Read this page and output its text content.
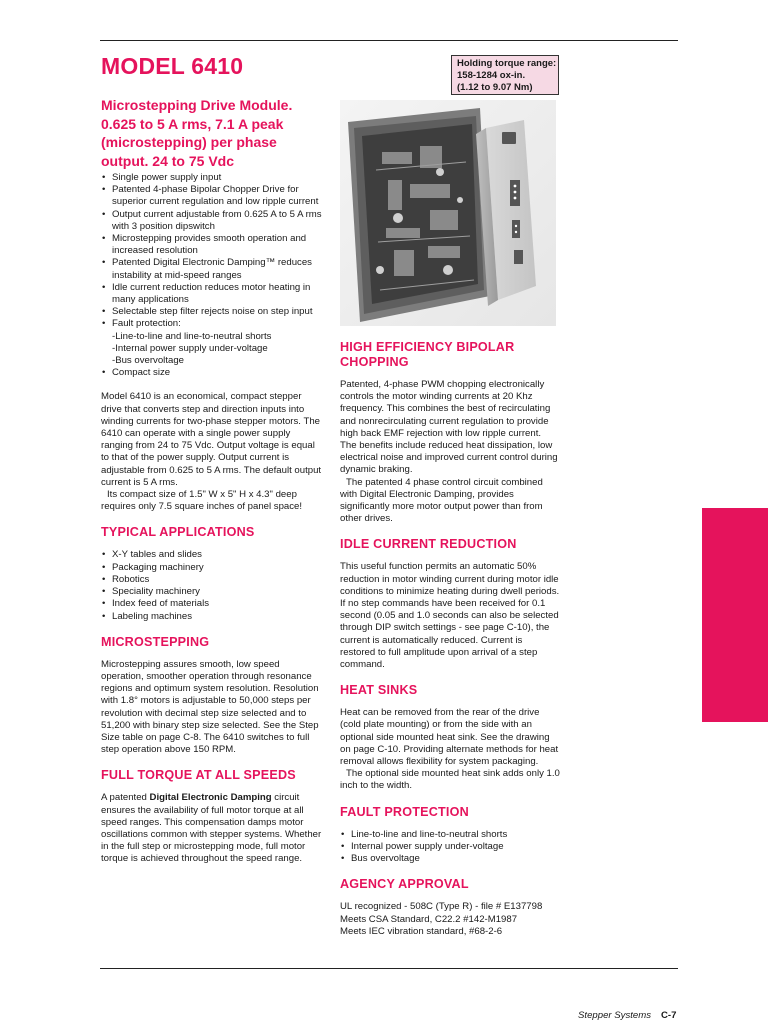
MODEL 6410	Holding torque range:
158-1284 ox-in.
(1.12 to 9.07 Nm)
Microstepping Drive Module.
0.625 to 5 A rms, 7.1 A peak
(microstepping) per phase
output. 24 to 75 Vdc
• Single power supply input
• Patented 4-phase Bipolar Chopper Drive for superior current regulation and low ripple current
• Output current adjustable from 0.625 A to 5 A rms with 3 position dipswitch
• Microstepping provides smooth operation and increased resolution
• Patented Digital Electronic Damping™ reduces instability at mid-speed ranges
• Idle current reduction reduces motor heating in many applications
• Selectable step filter rejects noise on step input
• Fault protection:
-Line-to-line and line-to-neutral shorts
-Internal power supply under-voltage
-Bus overvoltage
• Compact size

Model 6410 is an economical, compact stepper drive that converts step and direction inputs into winding currents for two-phase stepper motors. The 6410 can operate with a single power supply ranging from 24 to 75 Vdc. Output voltage is equal to that of the power supply. Output current is adjustable from 0.625 to 5 A rms. The default output current is 5 A rms.

Its compact size of 1.5" W x 5" H x 4.3" deep requires only 7.5 square inches of panel space!

TYPICAL APPLICATIONS
• X-Y tables and slides
• Packaging machinery
• Robotics
• Speciality machinery
• Index feed of materials
• Labeling machines
MICROSTEPPING

Microstepping assures smooth, low speed operation, smoother operation through resonance regions and optimum system resolution. Resolution with 1.8° motors is adjustable to 50,000 steps per revolution with decimal step size selected and to 51,200 with binary step size selected. See the Step Size table on page C-8. The 6410 switches to full step operation above 150 RPM.

FULL TORQUE AT ALL SPEEDS

A patented Digital Electronic Damping circuit ensures the availability of full motor torque at all speed ranges. This compensation damps motor oscillations common with stepper systems. Whether in the full step or microstepping mode, full motor torque is achieved throughout the speed range.

HIGH EFFICIENCY BIPOLAR CHOPPING

Patented, 4-phase PWM chopping electronically controls the motor winding currents at 20 Khz frequency. This combines the best of recirculating and nonrecirculating current regulation to provide high back EMF rejection with low ripple current. The benefits include reduced heat dissipation, low electrical noise and improved current control during dynamic braking.

The patented 4 phase control circuit combined with Digital Electronic Damping, provides significantly more motor output power than from other drives.

IDLE CURRENT REDUCTION

This useful function permits an automatic 50% reduction in motor winding current during motor idle conditions to minimize heating during dwell periods. If no step commands have been received for 0.1 second (0.05 and 1.0 seconds can also be selected through DIP switch settings - see page C-10), the current is automatically reduced. Current is restored to full amplitude upon arrival of a step command.

HEAT SINKS

Heat can be removed from the rear of the drive (cold plate mounting) or from the side with an optional side mounted heat sink. See the drawing on page C-10. Providing alternate methods for heat removal allows flexibility for system packaging.

The optional side mounted heat sink adds only 1.0 inch to the width.

FAULT PROTECTION
• Line-to-line and line-to-neutral shorts
• Internal power supply under-voltage
• Bus overvoltage
AGENCY APPROVAL
UL recognized - 508C (Type R) - file # E137798
Meets CSA Standard, C22.2 #142-M1987
Meets IEC vibration standard, #68-2-6
Stepper Systems C-7
